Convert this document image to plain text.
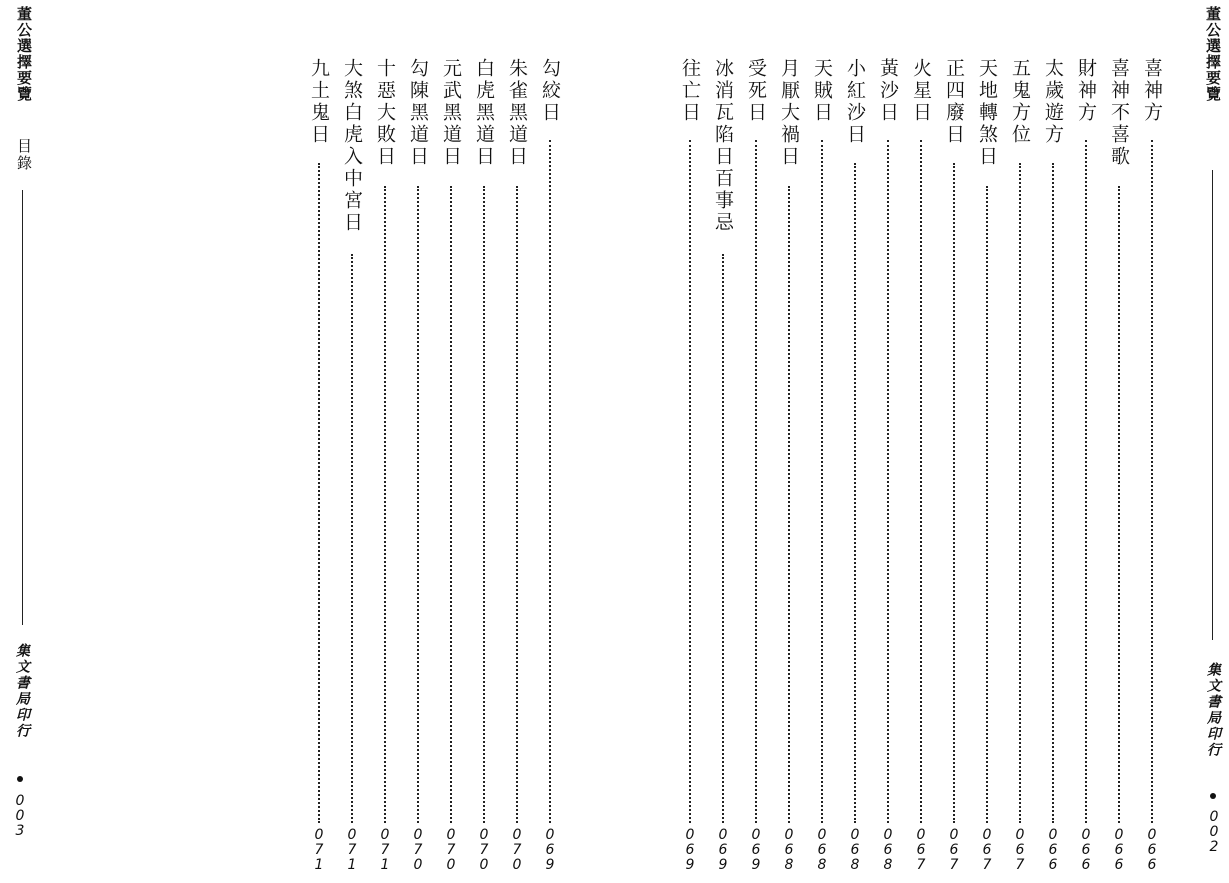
董公選擇要覽
目錄
集文書局印行
0
0
3
勾絞日
0
6
9
朱雀黑道日
0
7
0
白虎黑道日
0
7
0
元武黑道日
0
7
0
勾陳黑道日
0
7
0
十惡大敗日
0
7
1
大煞白虎入中宮日
0
7
1
九土鬼日
0
7
1
董公選擇要覽
集文書局印行
0
0
2
喜神方
0
6
6
喜神不喜歌
0
6
6
財神方
0
6
6
太歲遊方
0
6
6
五鬼方位
0
6
7
天地轉煞日
0
6
7
正四廢日
0
6
7
火星日
0
6
7
黃沙日
0
6
8
小紅沙日
0
6
8
天賊日
0
6
8
月厭大禍日
0
6
8
受死日
0
6
9
冰消瓦陷日百事忌
0
6
9
往亡日
0
6
9
